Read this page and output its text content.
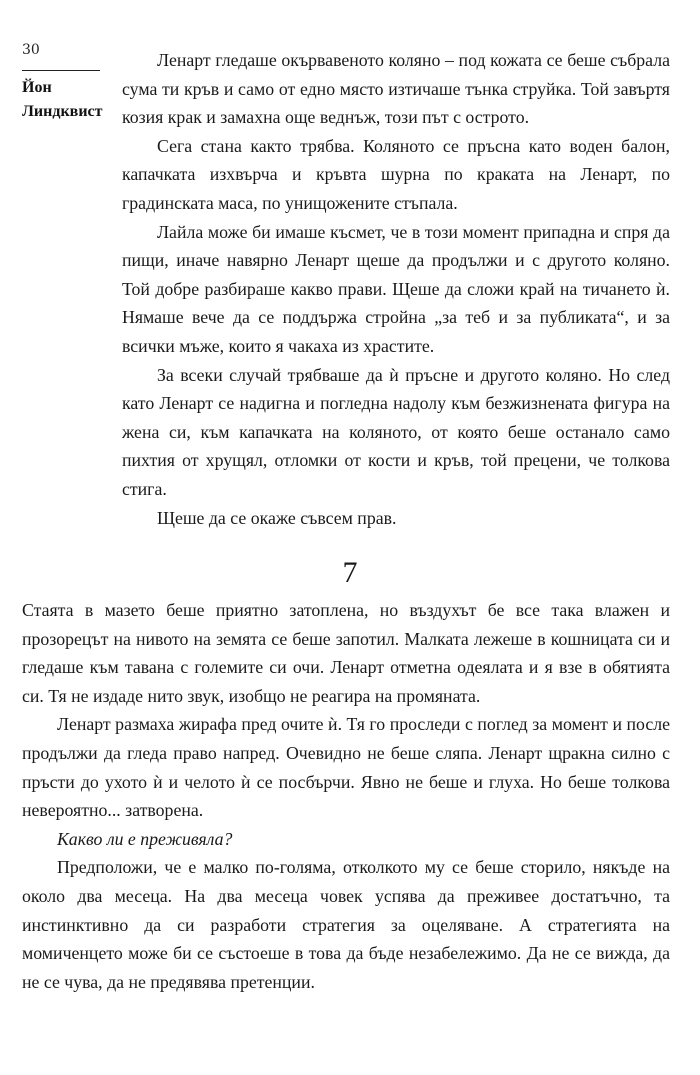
30
Йон
Линдквист

Ленарт гледаше окървавеното коляно – под кожата се беше събрала сума ти кръв и само от едно място изтичаше тънка струйка. Той завъртя козия крак и замахна още веднъж, този път с острото.

Сега стана както трябва. Коляното се пръсна като воден балон, капачката изхвърча и кръвта шурна по краката на Ленарт, по градинската маса, по унищожените стъпала.

Лайла може би имаше късмет, че в този момент припадна и спря да пищи, иначе навярно Ленарт щеше да продължи и с другото коляно. Той добре разбираше какво прави. Щеше да сложи край на тичането ѝ. Нямаше вече да се поддържа стройна „за теб и за публиката“, и за всички мъже, които я чакаха из храстите.

За всеки случай трябваше да ѝ пръсне и другото коляно. Но след като Ленарт се надигна и погледна надолу към безжизнената фигура на жена си, към капачката на коляното, от която беше останало само пихтия от хрущял, отломки от кости и кръв, той прецени, че толкова стига.

Щеше да се окаже съвсем прав.

7

Стаята в мазето беше приятно затоплена, но въздухът бе все така влажен и прозорецът на нивото на земята се беше запотил. Малката лежеше в кошницата си и гледаше към тавана с големите си очи. Ленарт отметна одеялата и я взе в обятията си. Тя не издаде нито звук, изобщо не реагира на промяната.

Ленарт размаха жирафа пред очите ѝ. Тя го проследи с поглед за момент и после продължи да гледа право напред. Очевидно не беше сляпа. Ленарт щракна силно с пръсти до ухото ѝ и челото ѝ се посбърчи. Явно не беше и глуха. Но беше толкова невероятно... затворена.

Какво ли е преживяла?

Предположи, че е малко по-голяма, отколкото му се беше сторило, някъде на около два месеца. На два месеца човек успява да преживее достатъчно, та инстинктивно да си разработи стратегия за оцеляване. А стратегията на момиченцето може би се състоеше в това да бъде незабележимо. Да не се вижда, да не се чува, да не предявява претенции.
